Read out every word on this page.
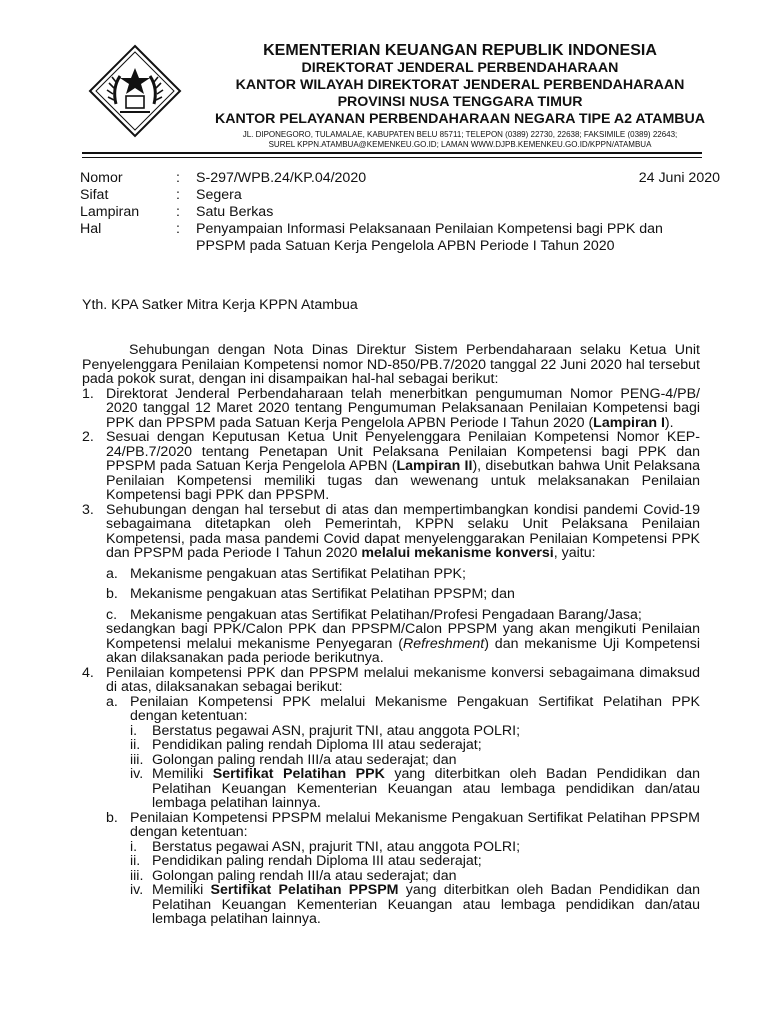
KEMENTERIAN KEUANGAN REPUBLIK INDONESIA
DIREKTORAT JENDERAL PERBENDAHARAAN
KANTOR WILAYAH DIREKTORAT JENDERAL PERBENDAHARAAN
PROVINSI NUSA TENGGARA TIMUR
KANTOR PELAYANAN PERBENDAHARAAN NEGARA TIPE A2 ATAMBUA
JL. DIPONEGORO, TULAMALAE, KABUPATEN BELU 85711; TELEPON (0389) 22730, 22638; FAKSIMILE (0389) 22643;
SUREL KPPN.ATAMBUA@KEMENKEU.GO.ID; LAMAN WWW.DJPB.KEMENKEU.GO.ID/KPPN/ATAMBUA
Nomor	:	S-297/WPB.24/KP.04/2020	24 Juni 2020
Sifat	:	Segera
Lampiran	:	Satu Berkas
Hal	:	Penyampaian Informasi Pelaksanaan Penilaian Kompetensi bagi PPK dan
PPSPM pada Satuan Kerja Pengelola APBN Periode I Tahun 2020
Yth. KPA Satker Mitra Kerja KPPN Atambua
Sehubungan dengan Nota Dinas Direktur Sistem Perbendaharaan selaku Ketua Unit Penyelenggara Penilaian Kompetensi nomor ND-850/PB.7/2020 tanggal 22 Juni 2020 hal tersebut pada pokok surat, dengan ini disampaikan hal-hal sebagai berikut:
1. Direktorat Jenderal Perbendaharaan telah menerbitkan pengumuman Nomor PENG-4/PB/ 2020 tanggal 12 Maret 2020 tentang Pengumuman Pelaksanaan Penilaian Kompetensi bagi PPK dan PPSPM pada Satuan Kerja Pengelola APBN Periode I Tahun 2020 (Lampiran I).
2. Sesuai dengan Keputusan Ketua Unit Penyelenggara Penilaian Kompetensi Nomor KEP-24/PB.7/2020 tentang Penetapan Unit Pelaksana Penilaian Kompetensi bagi PPK dan PPSPM pada Satuan Kerja Pengelola APBN (Lampiran II), disebutkan bahwa Unit Pelaksana Penilaian Kompetensi memiliki tugas dan wewenang untuk melaksanakan Penilaian Kompetensi bagi PPK dan PPSPM.
3. Sehubungan dengan hal tersebut di atas dan mempertimbangkan kondisi pandemi Covid-19 sebagaimana ditetapkan oleh Pemerintah, KPPN selaku Unit Pelaksana Penilaian Kompetensi, pada masa pandemi Covid dapat menyelenggarakan Penilaian Kompetensi PPK dan PPSPM pada Periode I Tahun 2020 melalui mekanisme konversi, yaitu:
a. Mekanisme pengakuan atas Sertifikat Pelatihan PPK;
b. Mekanisme pengakuan atas Sertifikat Pelatihan PPSPM; dan
c. Mekanisme pengakuan atas Sertifikat Pelatihan/Profesi Pengadaan Barang/Jasa;
sedangkan bagi PPK/Calon PPK dan PPSPM/Calon PPSPM yang akan mengikuti Penilaian Kompetensi melalui mekanisme Penyegaran (Refreshment) dan mekanisme Uji Kompetensi akan dilaksanakan pada periode berikutnya.
4. Penilaian kompetensi PPK dan PPSPM melalui mekanisme konversi sebagaimana dimaksud di atas, dilaksanakan sebagai berikut:
a. Penilaian Kompetensi PPK melalui Mekanisme Pengakuan Sertifikat Pelatihan PPK dengan ketentuan:
i.	Berstatus pegawai ASN, prajurit TNI, atau anggota POLRI;
ii. Pendidikan paling rendah Diploma III atau sederajat;
iii. Golongan paling rendah III/a atau sederajat; dan
iv. Memiliki Sertifikat Pelatihan PPK yang diterbitkan oleh Badan Pendidikan dan Pelatihan Keuangan Kementerian Keuangan atau lembaga pendidikan dan/atau lembaga pelatihan lainnya.
b. Penilaian Kompetensi PPSPM melalui Mekanisme Pengakuan Sertifikat Pelatihan PPSPM dengan ketentuan:
i.	Berstatus pegawai ASN, prajurit TNI, atau anggota POLRI;
ii. Pendidikan paling rendah Diploma III atau sederajat;
iii. Golongan paling rendah III/a atau sederajat; dan
iv. Memiliki Sertifikat Pelatihan PPSPM yang diterbitkan oleh Badan Pendidikan dan Pelatihan Keuangan Kementerian Keuangan atau lembaga pendidikan dan/atau lembaga pelatihan lainnya.
